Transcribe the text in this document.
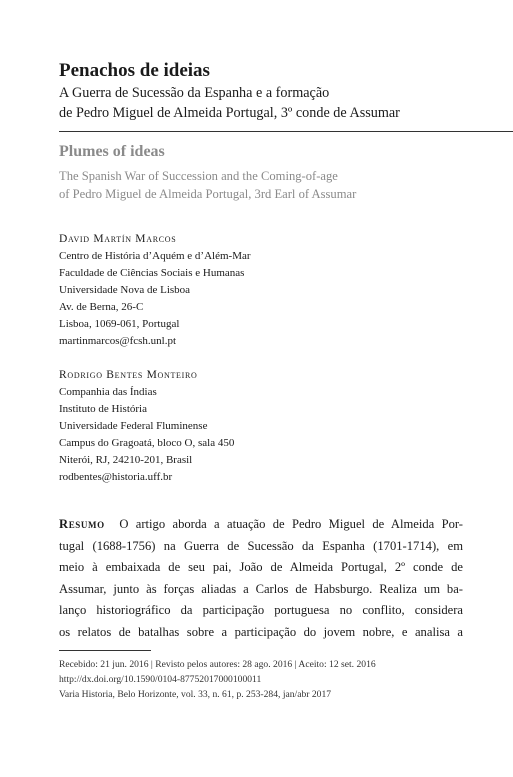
Penachos de ideias
A Guerra de Sucessão da Espanha e a formação
de Pedro Miguel de Almeida Portugal, 3º conde de Assumar
Plumes of ideas
The Spanish War of Succession and the Coming-of-age
of Pedro Miguel de Almeida Portugal, 3rd Earl of Assumar
David Martín Marcos
Centro de História d’Aquém e d’Além-Mar
Faculdade de Ciências Sociais e Humanas
Universidade Nova de Lisboa
Av. de Berna, 26-C
Lisboa, 1069-061, Portugal
martinmarcos@fcsh.unl.pt
Rodrigo Bentes Monteiro
Companhia das Índias
Instituto de História
Universidade Federal Fluminense
Campus do Gragoatá, bloco O, sala 450
Niterói, RJ, 24210-201, Brasil
rodbentes@historia.uff.br
Resumo O artigo aborda a atuação de Pedro Miguel de Almeida Por-
tugal (1688-1756) na Guerra de Sucessão da Espanha (1701-1714), em
meio à embaixada de seu pai, João de Almeida Portugal, 2º conde de
Assumar, junto às forças aliadas a Carlos de Habsburgo. Realiza um ba-
lanço historiográfico da participação portuguesa no conflito, considera
os relatos de batalhas sobre a participação do jovem nobre, e analisa a
Recebido: 21 jun. 2016 | Revisto pelos autores: 28 ago. 2016 | Aceito: 12 set. 2016
http://dx.doi.org/10.1590/0104-87752017000100011
Varia Historia, Belo Horizonte, vol. 33, n. 61, p. 253-284, jan/abr 2017
